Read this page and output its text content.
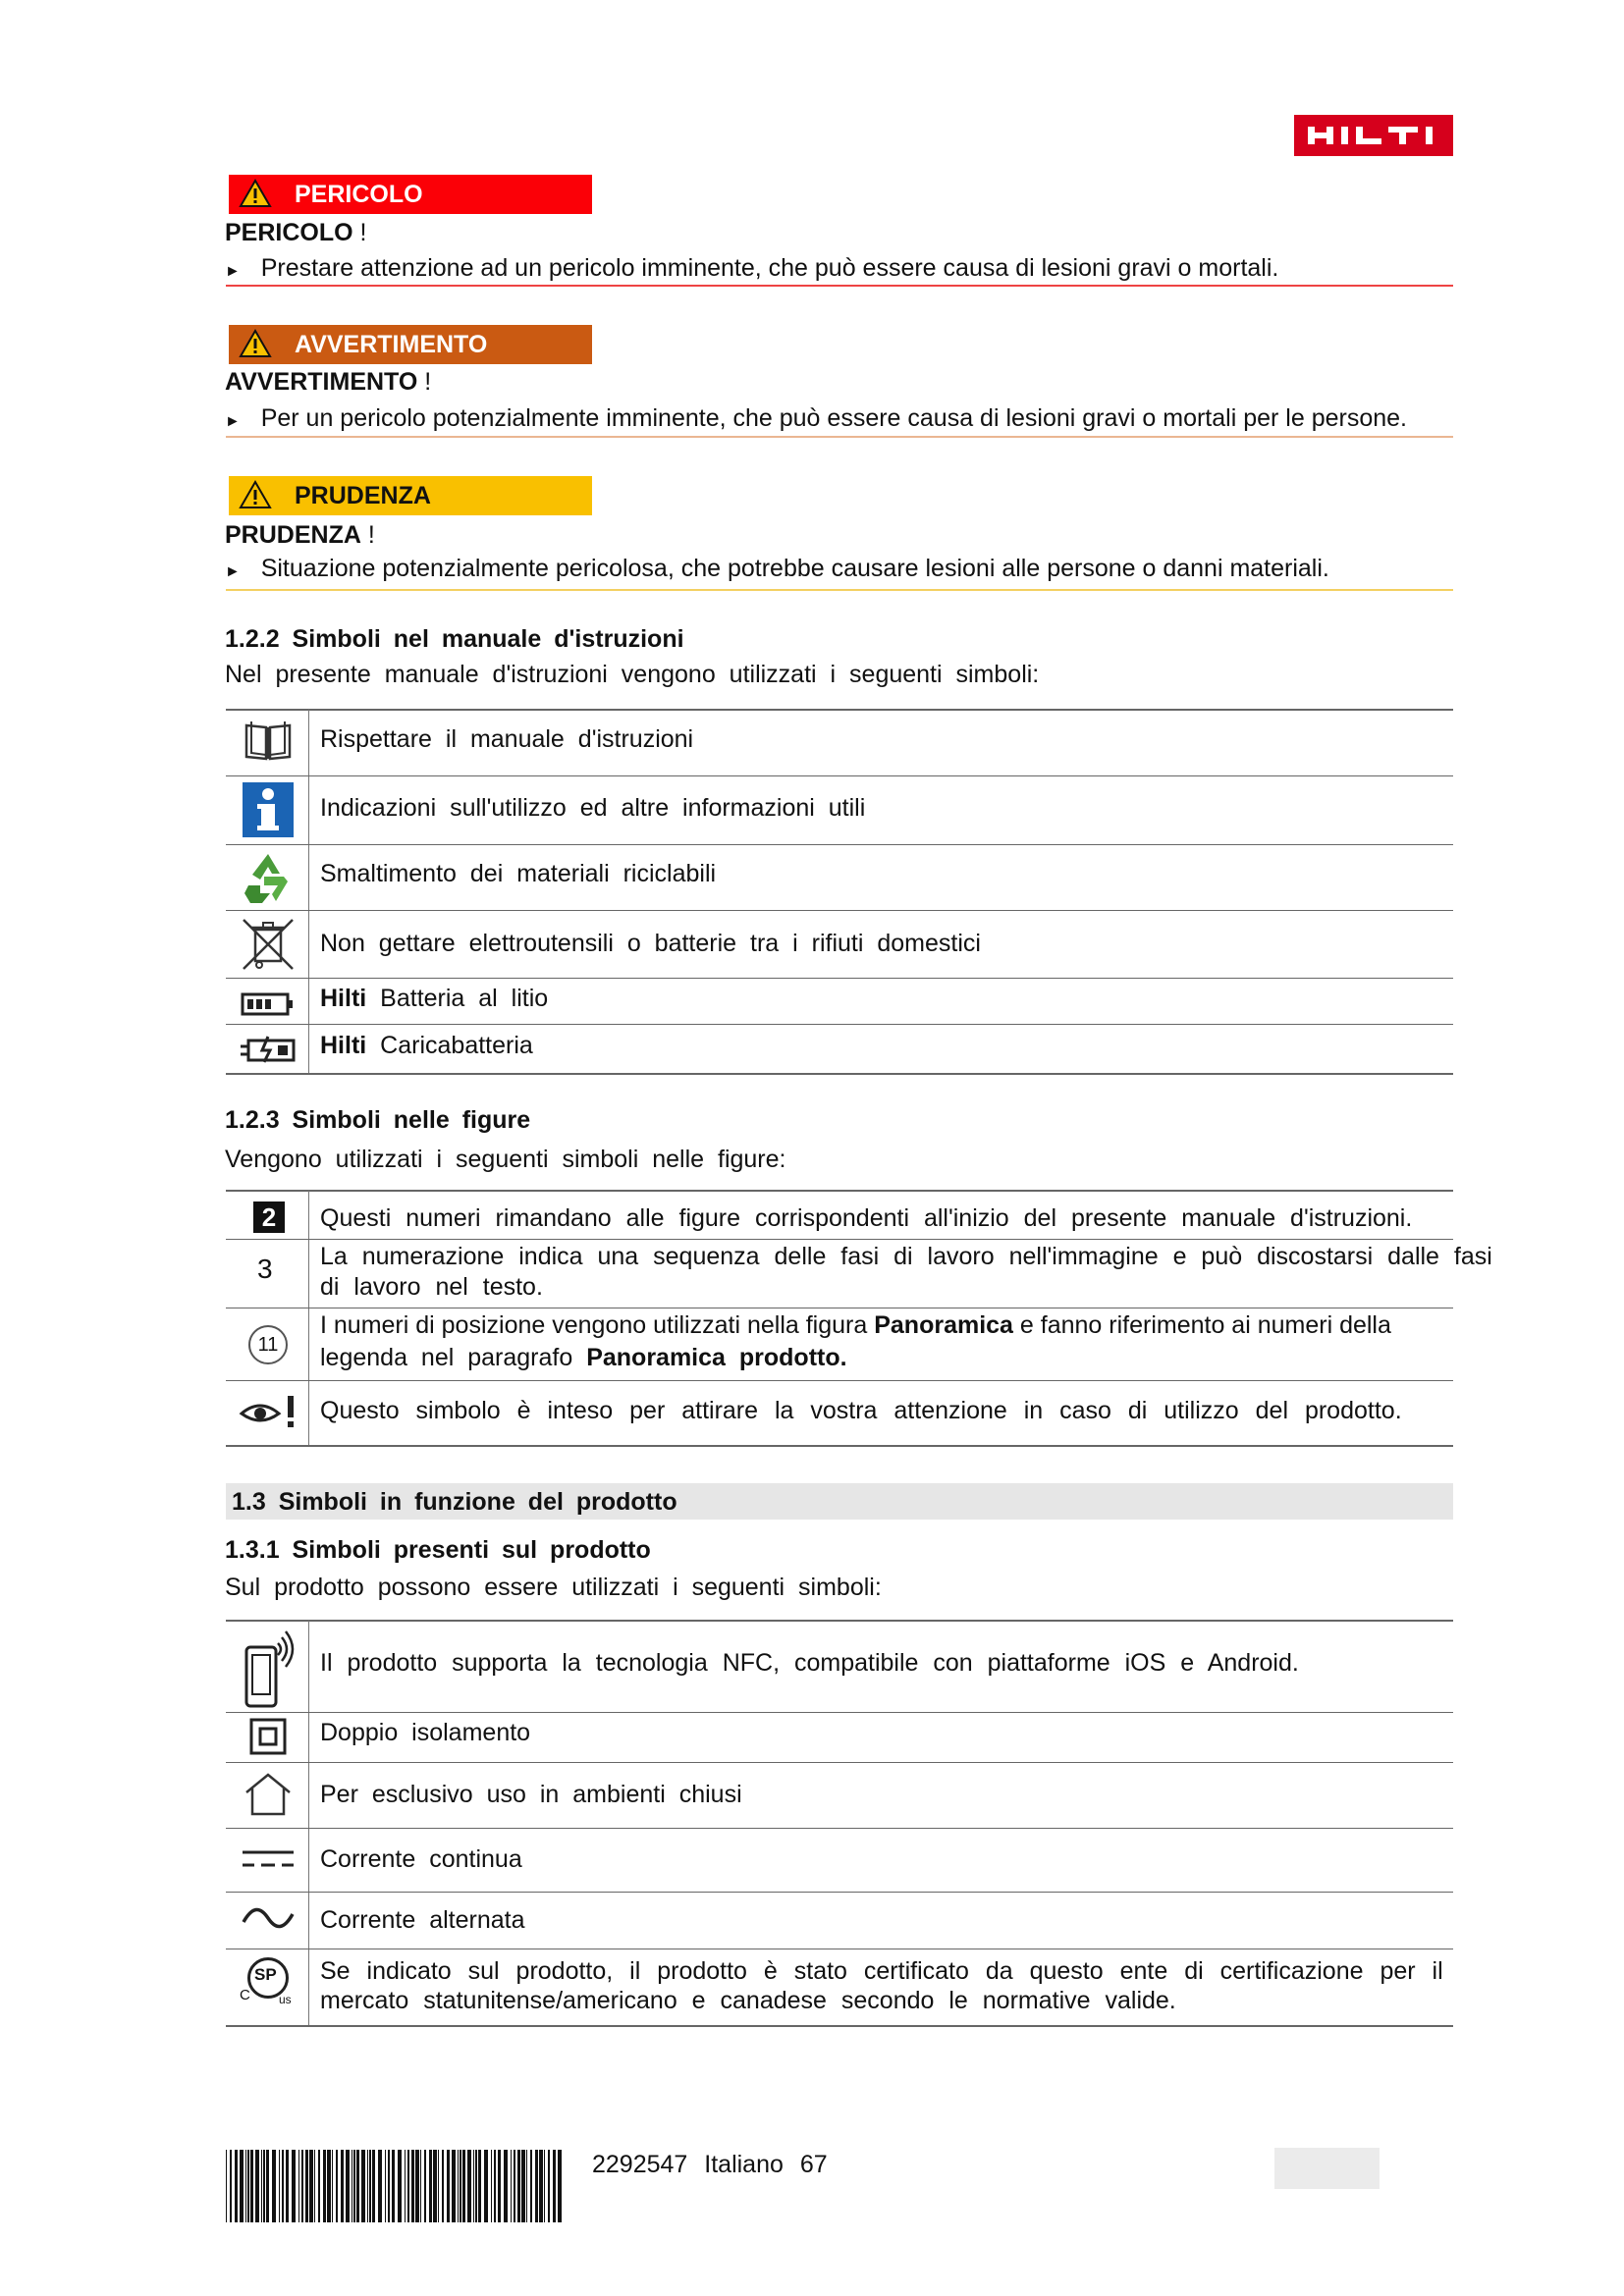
PERICOLO
PERICOLO !
► Prestare attenzione ad un pericolo imminente, che può essere causa di lesioni gravi o mortali.
AVVERTIMENTO
AVVERTIMENTO !
► Per un pericolo potenzialmente imminente, che può essere causa di lesioni gravi o mortali per le persone.
PRUDENZA
PRUDENZA !
► Situazione potenzialmente pericolosa, che potrebbe causare lesioni alle persone o danni materiali.
1.2.2 Simboli nel manuale d'istruzioni
Nel presente manuale d'istruzioni vengono utilizzati i seguenti simboli:
Rispettare il manuale d'istruzioni
Indicazioni sull'utilizzo ed altre informazioni utili
Smaltimento dei materiali riciclabili
Non gettare elettroutensili o batterie tra i rifiuti domestici
Hilti Batteria al litio
Hilti Caricabatteria
1.2.3 Simboli nelle figure
Vengono utilizzati i seguenti simboli nelle figure:
2	Questi numeri rimandano alle figure corrispondenti all'inizio del presente manuale d'istruzioni.
3 La numerazione indica una sequenza delle fasi di lavoro nell'immagine e può discostarsi dalle fasi
di lavoro nel testo.
11
I numeri di posizione vengono utilizzati nella figura Panoramica e fanno riferimento ai numeri della
legenda nel paragrafo Panoramica prodotto.
Questo simbolo è inteso per attirare la vostra attenzione in caso di utilizzo del prodotto.
1.3 Simboli in funzione del prodotto
1.3.1 Simboli presenti sul prodotto
Sul prodotto possono essere utilizzati i seguenti simboli:
Il prodotto supporta la tecnologia NFC, compatibile con piattaforme iOS e Android.
Doppio isolamento
Per esclusivo uso in ambienti chiusi
Corrente continua
Corrente alternata
SP
C us
Se indicato sul prodotto, il prodotto è stato certificato da questo ente di certificazione per il
mercato statunitense/americano e canadese secondo le normative valide.
2292547 Italiano 67
